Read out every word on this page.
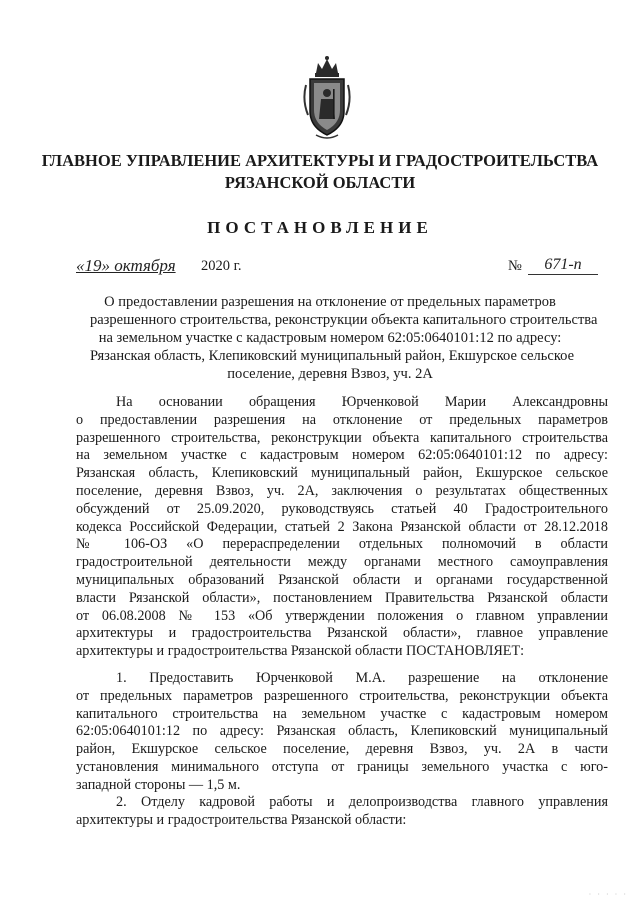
ГЛАВНОЕ УПРАВЛЕНИЕ АРХИТЕКТУРЫ И ГРАДОСТРОИТЕЛЬСТВА
РЯЗАНСКОЙ ОБЛАСТИ
ПОСТАНОВЛЕНИЕ
«19» октября 2020 г.	№	671-п
О предоставлении разрешения на отклонение от предельных параметров
разрешенного строительства, реконструкции объекта капитального строительства
на земельном участке с кадастровым номером 62:05:0640101:12 по адресу:
Рязанская область, Клепиковский муниципальный район, Екшурское сельское
поселение, деревня Взвоз, уч. 2А
На основании обращения Юрченковой Марии Александровны
о предоставлении разрешения на отклонение от предельных параметров
разрешенного строительства, реконструкции объекта капитального строительства
на земельном участке с кадастровым номером 62:05:0640101:12 по адресу:
Рязанская область, Клепиковский муниципальный район, Екшурское сельское
поселение, деревня Взвоз, уч. 2А, заключения о результатах общественных
обсуждений от 25.09.2020, руководствуясь статьей 40 Градостроительного
кодекса Российской Федерации, статьей 2 Закона Рязанской области от 28.12.2018
№ 106-ОЗ «О перераспределении отдельных полномочий в области
градостроительной деятельности между органами местного самоуправления
муниципальных образований Рязанской области и органами государственной
власти Рязанской области», постановлением Правительства Рязанской области
от 06.08.2008 № 153 «Об утверждении положения о главном управлении
архитектуры и градостроительства Рязанской области», главное управление
архитектуры и градостроительства Рязанской области ПОСТАНОВЛЯЕТ:
1. Предоставить Юрченковой М.А. разрешение на отклонение
от предельных параметров разрешенного строительства, реконструкции объекта
капитального строительства на земельном участке с кадастровым номером
62:05:0640101:12 по адресу: Рязанская область, Клепиковский муниципальный
район, Екшурское сельское поселение, деревня Взвоз, уч. 2А в части
установления минимального отступа от границы земельного участка с юго-
западной стороны — 1,5 м.
2. Отделу кадровой работы и делопроизводства главного управления
архитектуры и градостроительства Рязанской области:
· · · · ·
